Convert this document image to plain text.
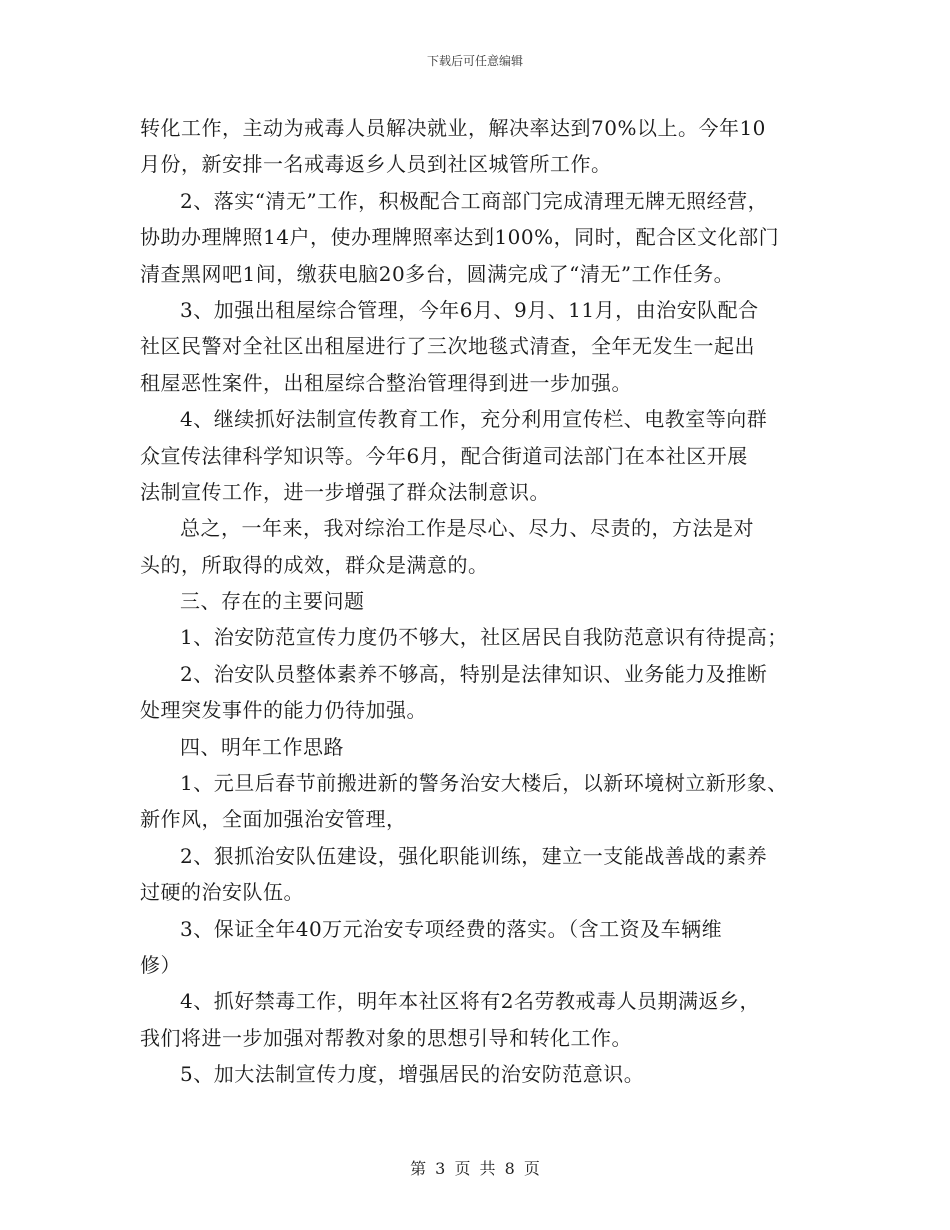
下载后可任意编辑
转化工作，主动为戒毒人员解决就业，解决率达到70%以上。今年10
月份，新安排一名戒毒返乡人员到社区城管所工作。
2、落实“清无”工作，积极配合工商部门完成清理无牌无照经营，
协助办理牌照14户，使办理牌照率达到100%，同时，配合区文化部门
清查黑网吧1间，缴获电脑20多台，圆满完成了“清无”工作任务。
3、加强出租屋综合管理，今年6月、9月、11月，由治安队配合
社区民警对全社区出租屋进行了三次地毯式清查，全年无发生一起出
租屋恶性案件，出租屋综合整治管理得到进一步加强。
4、继续抓好法制宣传教育工作，充分利用宣传栏、电教室等向群
众宣传法律科学知识等。今年6月，配合街道司法部门在本社区开展
法制宣传工作，进一步增强了群众法制意识。
总之，一年来，我对综治工作是尽心、尽力、尽责的，方法是对
头的，所取得的成效，群众是满意的。
三、存在的主要问题
1、治安防范宣传力度仍不够大，社区居民自我防范意识有待提高；
2、治安队员整体素养不够高，特别是法律知识、业务能力及推断
处理突发事件的能力仍待加强。
四、明年工作思路
1、元旦后春节前搬进新的警务治安大楼后，以新环境树立新形象、
新作风，全面加强治安管理，
2、狠抓治安队伍建设，强化职能训练，建立一支能战善战的素养
过硬的治安队伍。
3、保证全年40万元治安专项经费的落实。（含工资及车辆维
修）
4、抓好禁毒工作，明年本社区将有2名劳教戒毒人员期满返乡，
我们将进一步加强对帮教对象的思想引导和转化工作。
5、加大法制宣传力度，增强居民的治安防范意识。
第 3 页 共 8 页
